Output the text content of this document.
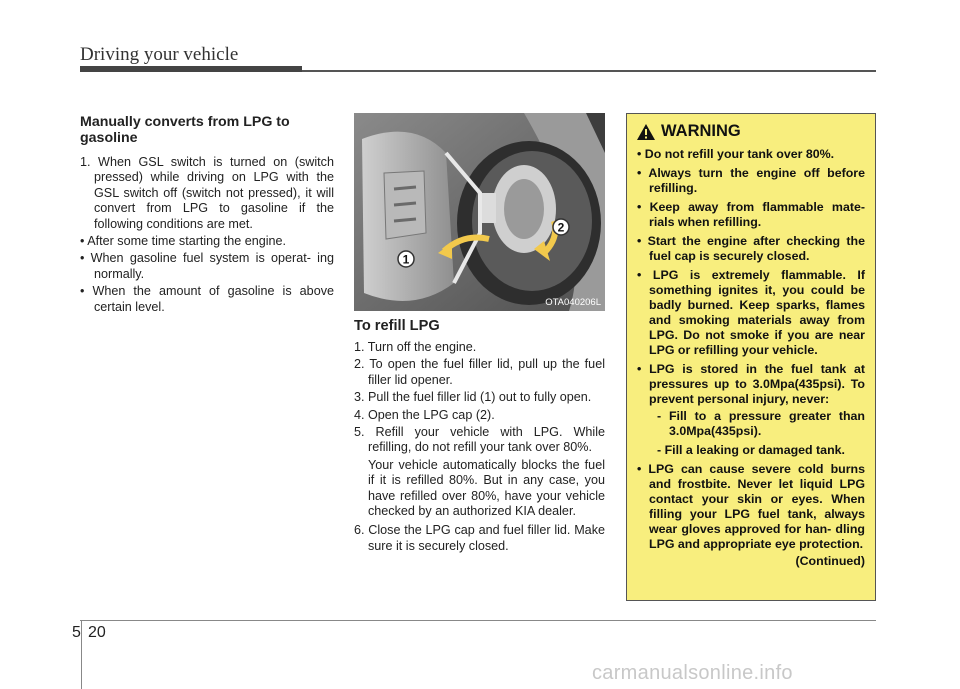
Driving your vehicle

Manually converts from LPG to gasoline

1. When GSL switch is turned on (switch pressed) while driving on LPG with the GSL switch off (switch not pressed), it will convert from LPG to gasoline if the following conditions are met.
• After some time starting the engine.
• When gasoline fuel system is operat- ing normally.
• When the amount of gasoline is above certain level.
1
2
OTA040206L

To refill LPG

1. Turn off the engine.
2. To open the fuel filler lid, pull up the fuel filler lid opener.
3. Pull the fuel filler lid (1) out to fully open.
4. Open the LPG cap (2).
5. Refill your vehicle with LPG. While refilling, do not refill your tank over 80%.
Your vehicle automatically blocks the fuel if it is refilled 80%. But in any case, you have refilled over 80%, have your vehicle checked by an authorized KIA dealer.
6. Close the LPG cap and fuel filler lid. Make sure it is securely closed.
WARNING
• Do not refill your tank over 80%.
• Always turn the engine off before refilling.
• Keep away from flammable mate- rials when refilling.
• Start the engine after checking the fuel cap is securely closed.
• LPG is extremely flammable. If something ignites it, you could be badly burned. Keep sparks, flames and smoking materials away from LPG. Do not smoke if you are near LPG or refilling your vehicle.
• LPG is stored in the fuel tank at pressures up to 3.0Mpa(435psi). To prevent personal injury, never:
- Fill to a pressure greater than 3.0Mpa(435psi).
- Fill a leaking or damaged tank.
• LPG can cause severe cold burns and frostbite. Never let liquid LPG contact your skin or eyes. When filling your LPG fuel tank, always wear gloves approved for han- dling LPG and appropriate eye protection.
(Continued)
5 20
carmanualsonline.info
